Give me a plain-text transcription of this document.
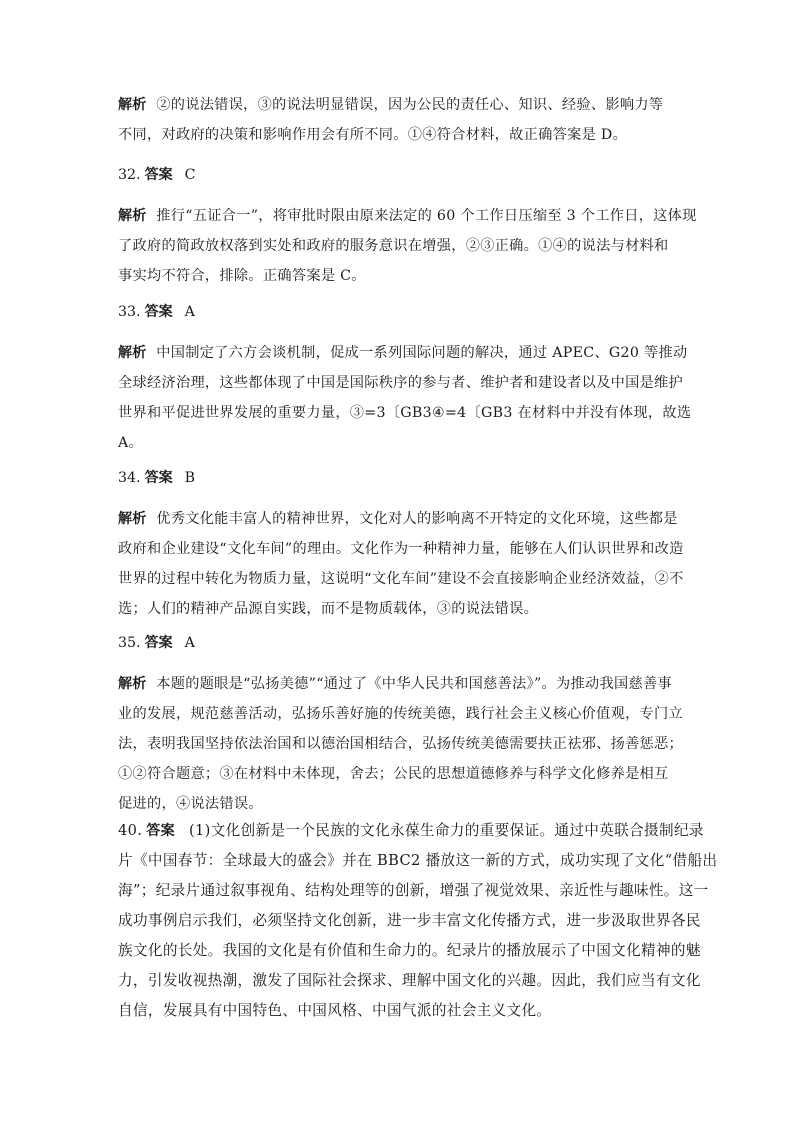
解析 ②的说法错误，③的说法明显错误，因为公民的责任心、知识、经验、影响力等
不同，对政府的决策和影响作用会有所不同。①④符合材料，故正确答案是 D。
32. 答案 C
解析 推行“五证合一”，将审批时限由原来法定的 60 个工作日压缩至 3 个工作日，这体现
了政府的简政放权落到实处和政府的服务意识在增强，②③正确。①④的说法与材料和
事实均不符合，排除。正确答案是 C。
33. 答案 A
解析 中国制定了六方会谈机制，促成一系列国际问题的解决，通过 APEC、G20 等推动
全球经济治理，这些都体现了中国是国际秩序的参与者、维护者和建设者以及中国是维护
世界和平促进世界发展的重要力量，③=3〔GB3④=4〔GB3 在材料中并没有体现，故选
A。
34. 答案 B
解析 优秀文化能丰富人的精神世界，文化对人的影响离不开特定的文化环境，这些都是
政府和企业建设“文化车间”的理由。文化作为一种精神力量，能够在人们认识世界和改造
世界的过程中转化为物质力量，这说明“文化车间”建设不会直接影响企业经济效益，②不
选；人们的精神产品源自实践，而不是物质载体，③的说法错误。
35. 答案 A
解析 本题的题眼是“弘扬美德”“通过了《中华人民共和国慈善法》”。为推动我国慈善事
业的发展，规范慈善活动，弘扬乐善好施的传统美德，践行社会主义核心价值观，专门立
法，表明我国坚持依法治国和以德治国相结合，弘扬传统美德需要扶正祛邪、扬善惩恶；
①②符合题意；③在材料中未体现，舍去；公民的思想道德修养与科学文化修养是相互
促进的，④说法错误。
40. 答案 (1)文化创新是一个民族的文化永葆生命力的重要保证。通过中英联合摄制纪录
片《中国春节：全球最大的盛会》并在 BBC2 播放这一新的方式，成功实现了文化“借船出
海”；纪录片通过叙事视角、结构处理等的创新，增强了视觉效果、亲近性与趣味性。这一
成功事例启示我们，必须坚持文化创新，进一步丰富文化传播方式，进一步汲取世界各民
族文化的长处。我国的文化是有价值和生命力的。纪录片的播放展示了中国文化精神的魅
力，引发收视热潮，激发了国际社会探求、理解中国文化的兴趣。因此，我们应当有文化
自信，发展具有中国特色、中国风格、中国气派的社会主义文化。
